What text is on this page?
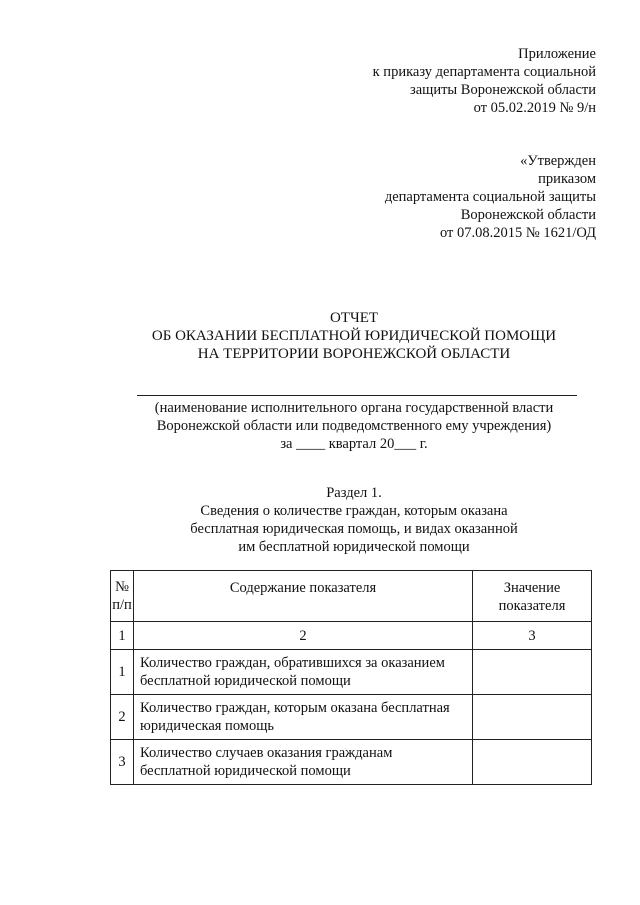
Приложение
к приказу департамента социальной
защиты Воронежской области
от 05.02.2019 № 9/н
«Утвержден
приказом
департамента социальной защиты
Воронежской области
от 07.08.2015 № 1621/ОД
ОТЧЕТ
ОБ ОКАЗАНИИ БЕСПЛАТНОЙ ЮРИДИЧЕСКОЙ ПОМОЩИ
НА ТЕРРИТОРИИ ВОРОНЕЖСКОЙ ОБЛАСТИ
(наименование исполнительного органа государственной власти
Воронежской области или подведомственного ему учреждения)
за ____ квартал 20___ г.
Раздел 1.
Сведения о количестве граждан, которым оказана
бесплатная юридическая помощь, и видах оказанной
им бесплатной юридической помощи
№
п/п	Содержание показателя	Значение
показателя

1	2	3
1	Количество граждан, обратившихся за оказанием
бесплатной юридической помощи	

2	Количество граждан, которым оказана бесплатная
юридическая помощь	

3	Количество случаев оказания гражданам
бесплатной юридической помощи	
